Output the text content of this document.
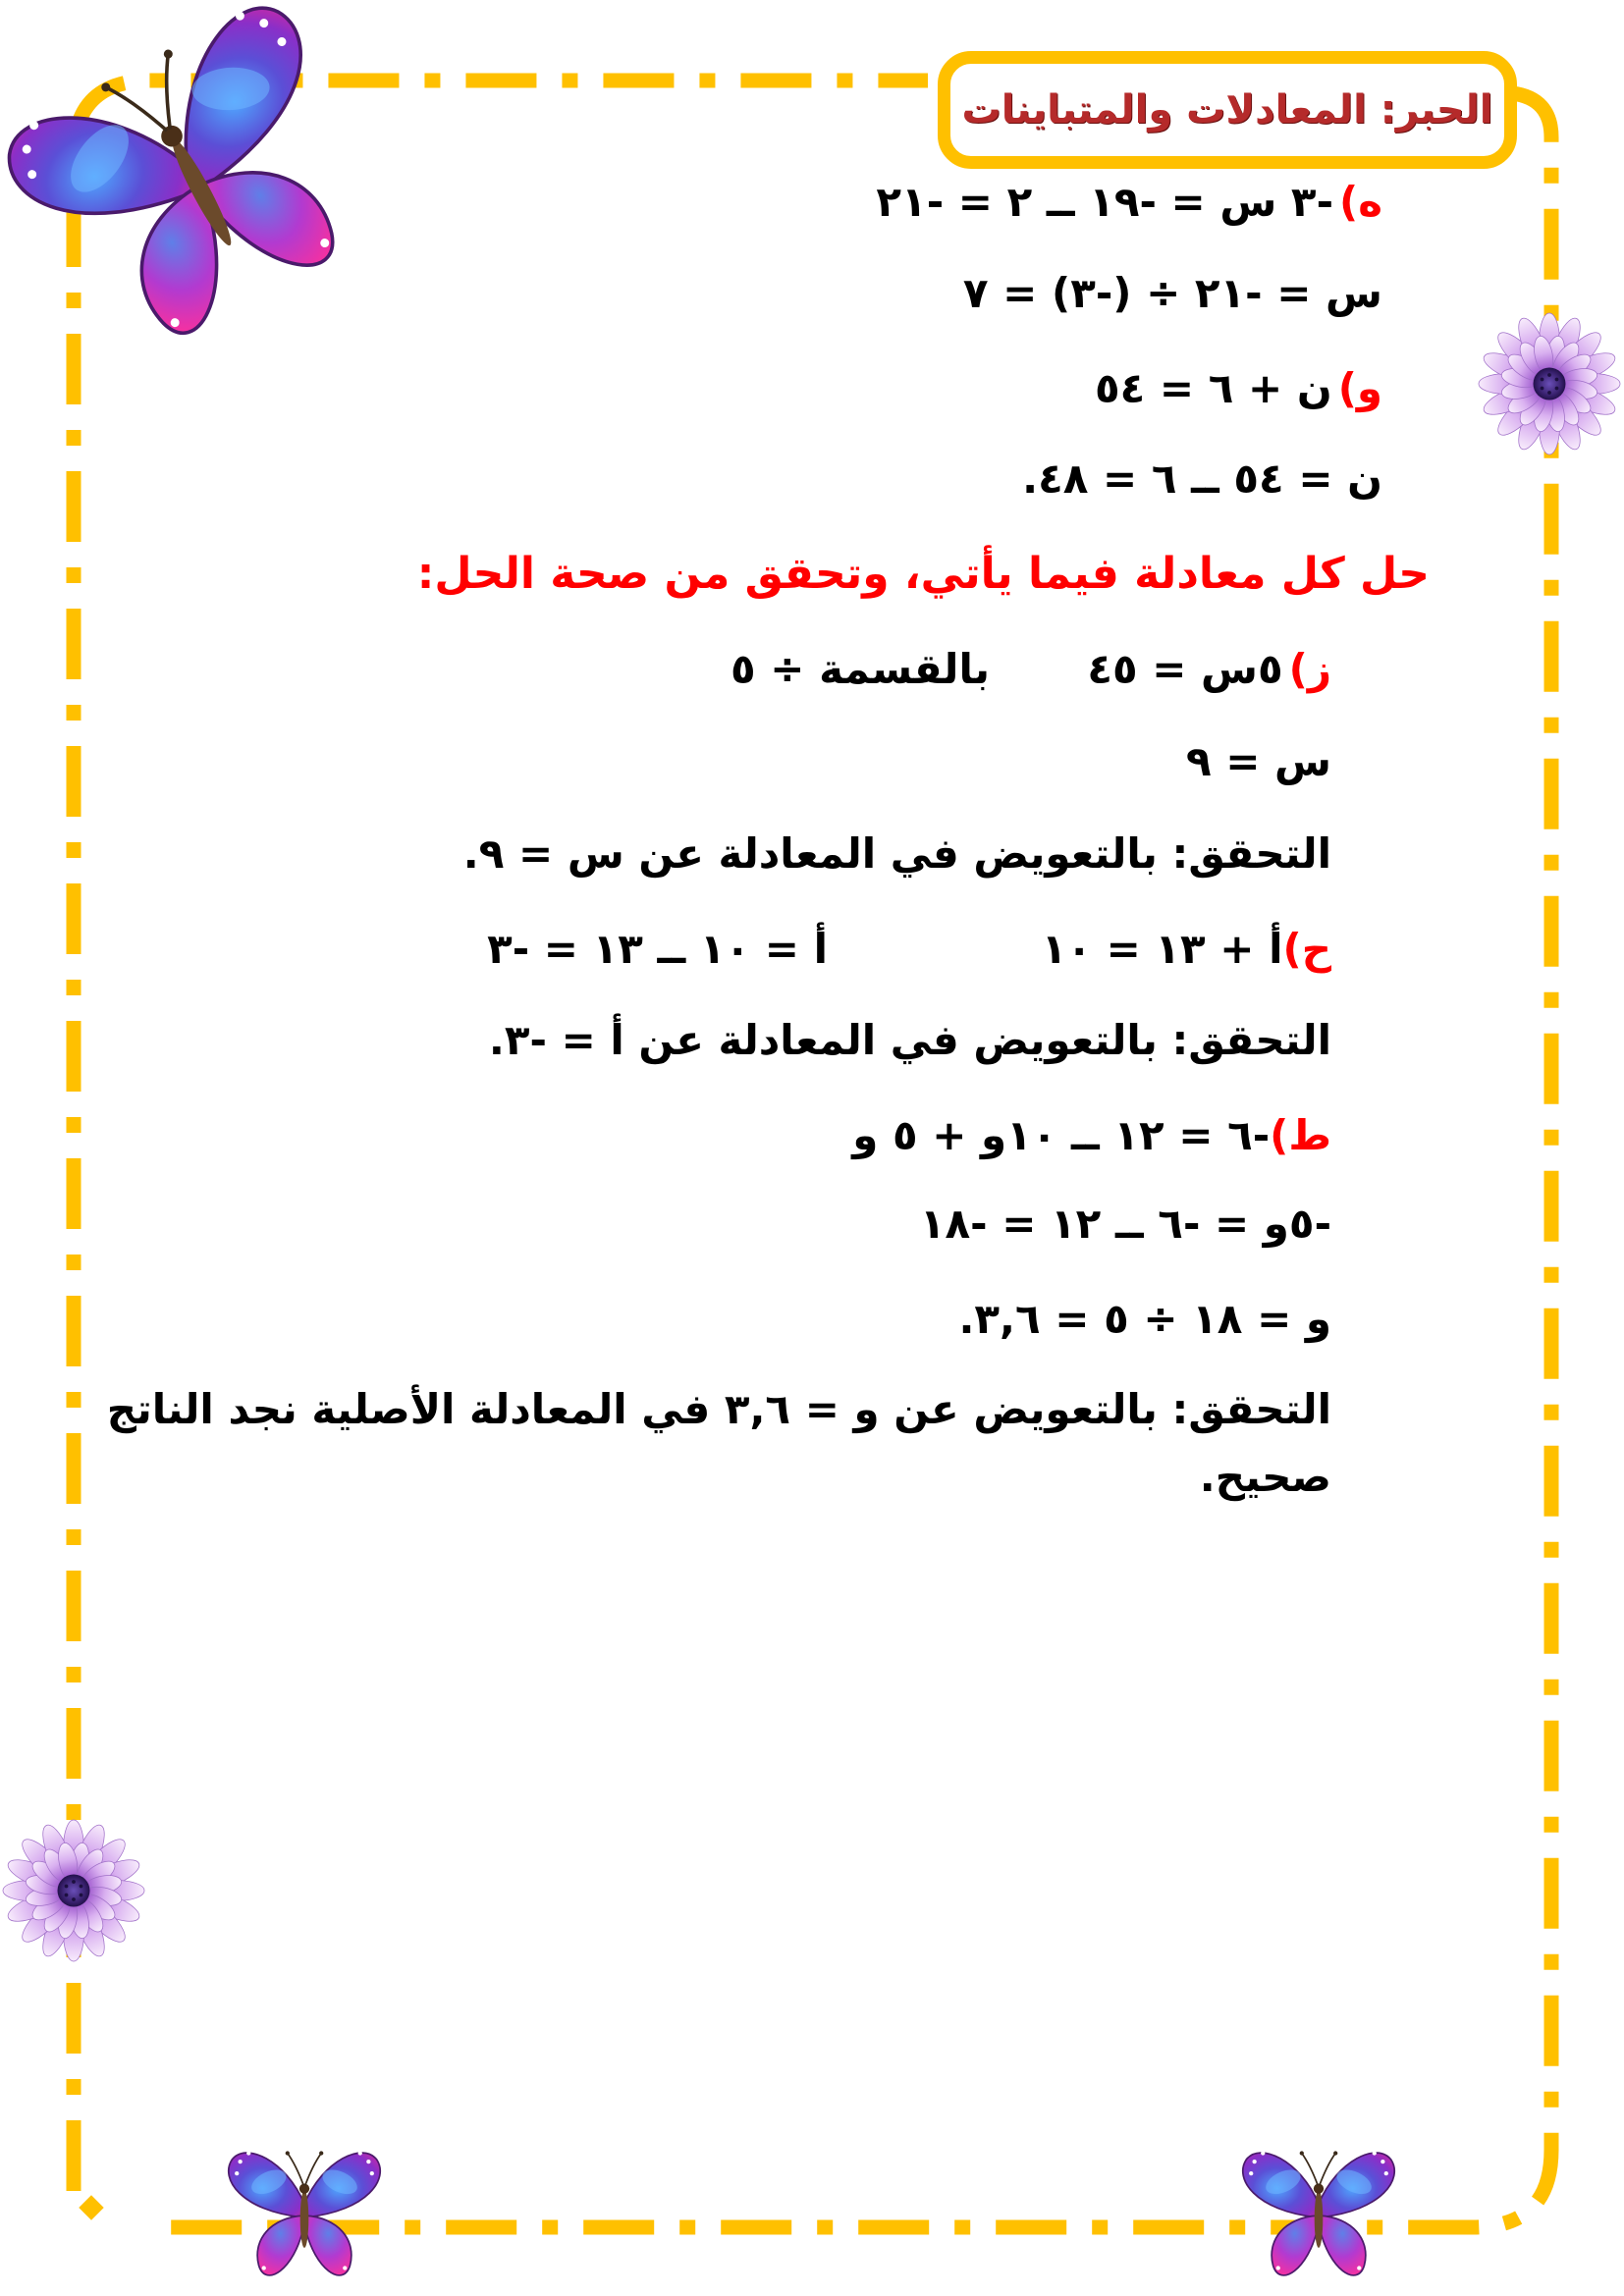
الحبر: المعادلات والمتباينات
ه)-٣ س = -١٩ ــ ٢ = -٢١
س = -٢١ ÷ (-٣) = ٧
و)ن + ٦ = ٥٤
ن = ٥٤ ــ ٦ = ٤٨.
حل كل معادلة فيما يأتي، وتحقق من صحة الحل:
ز)٥س = ٤٥
بالقسمة ÷ ٥
س = ٩
التحقق: بالتعويض في المعادلة عن س = ٩.
ح)أ + ١٣ = ١٠
أ = ١٠ ــ ١٣ = -٣
التحقق: بالتعويض في المعادلة عن أ = -٣.
ط)-٦ = ١٢ ــ ١٠و + ٥ و
-٥و = -٦ ــ ١٢ = -١٨
و = ١٨ ÷ ٥ = ٣,٦.
التحقق: بالتعويض عن و = ٣,٦ في المعادلة الأصلية نجد الناتج
صحيح.
